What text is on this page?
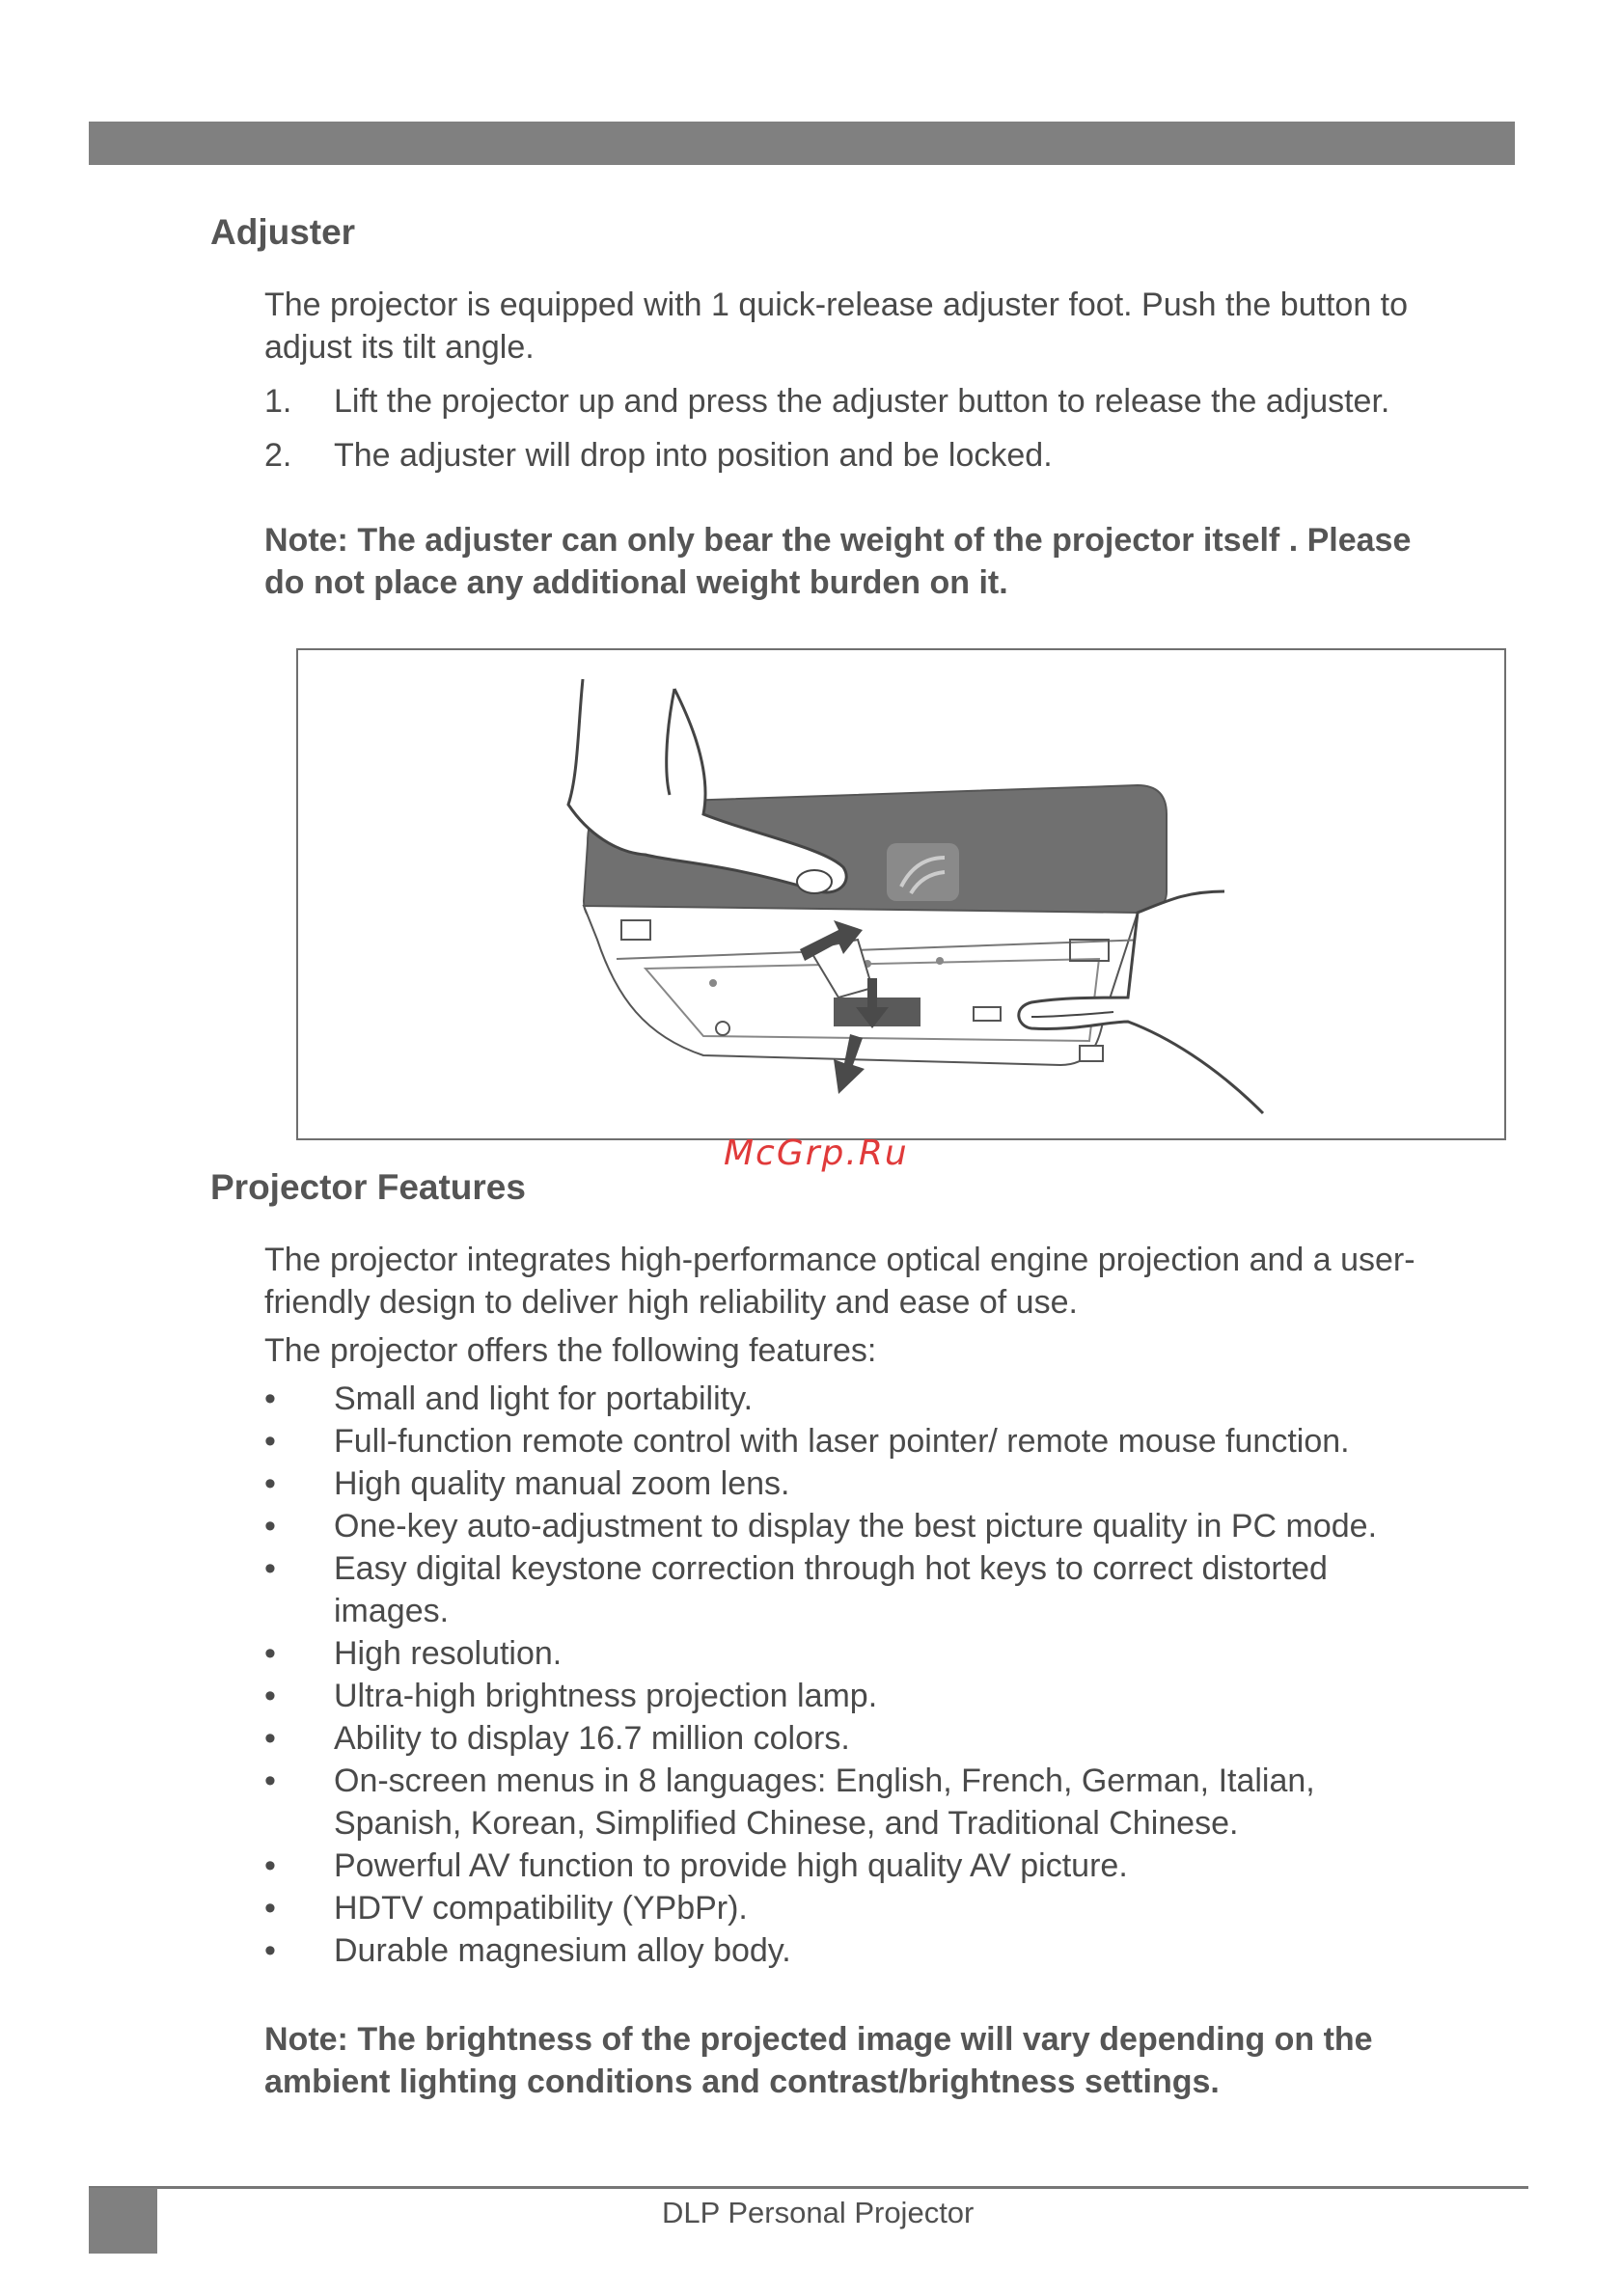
Adjuster

The projector is equipped with 1 quick-release adjuster foot. Push the button to

adjust its tilt angle.

1.	Lift the projector up and press the adjuster button to release the adjuster.
2.	The adjuster will drop into position and be locked.

Note: The adjuster can only bear the weight of the projector itself . Please

do not place any additional weight burden on it.

McGrp.Ru
Projector Features

The projector integrates high-performance optical engine projection and a user-

friendly design to deliver high reliability and ease of use.

The projector offers the following features:

•	Small and light for portability.
•	Full-function remote control with laser pointer/ remote mouse function.
•	High quality manual zoom lens.
•	One-key auto-adjustment to display the best picture quality in PC mode.
•	Easy digital keystone correction through hot keys to correct distorted
images.
•	High resolution.
•	Ultra-high brightness projection lamp.
•	Ability to display 16.7 million colors.
•	On-screen menus in 8 languages: English, French, German, Italian,
Spanish, Korean, Simplified Chinese, and Traditional Chinese.
•	Powerful AV function to provide high quality AV picture.
•	HDTV compatibility (YPbPr).
•	Durable magnesium alloy body.

Note: The brightness of the projected image will vary depending on the

ambient lighting conditions and contrast/brightness settings.

DLP Personal Projector
